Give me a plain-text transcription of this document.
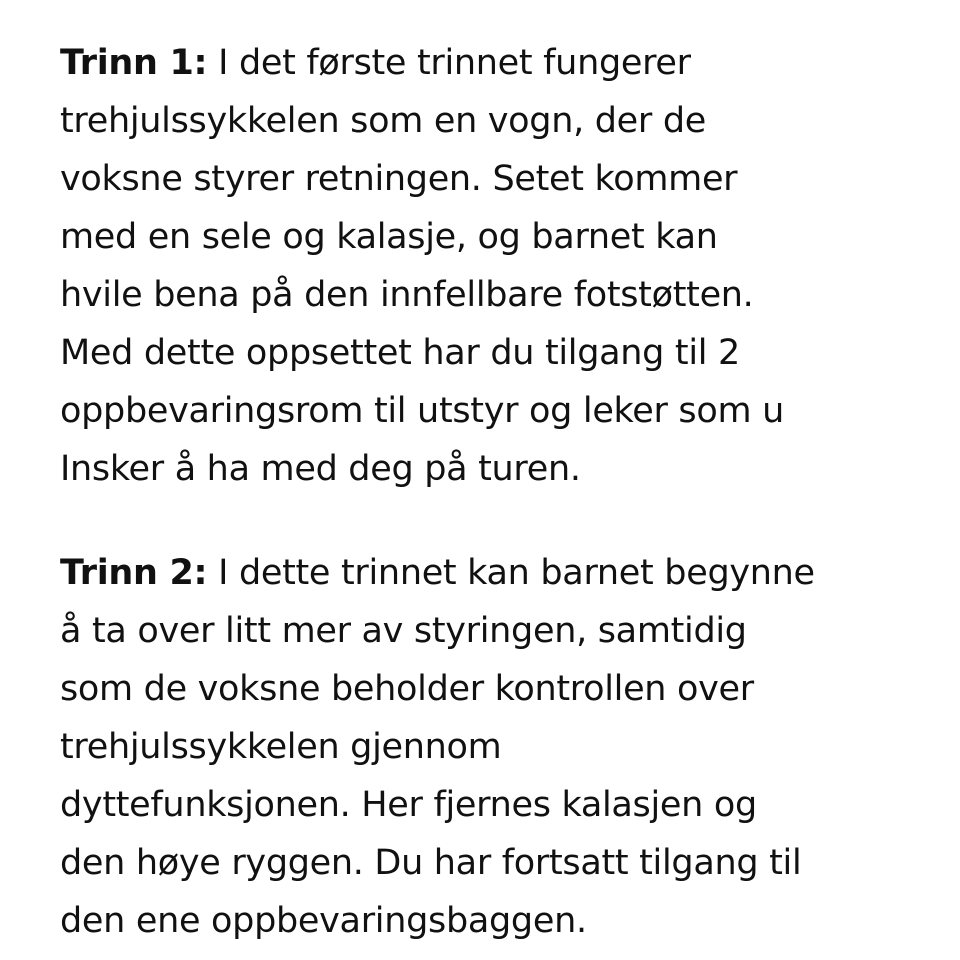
Trinn 1: I det første trinnet fungerer
trehjulssykkelen som en vogn, der de
voksne styrer retningen. Setet kommer
med en sele og kalasje, og barnet kan
hvile bena på den innfellbare fotstøtten.
Med dette oppsettet har du tilgang til 2
oppbevaringsrom til utstyr og leker som u
Insker å ha med deg på turen.
Trinn 2: I dette trinnet kan barnet begynne
å ta over litt mer av styringen, samtidig
som de voksne beholder kontrollen over
trehjulssykkelen gjennom
dyttefunksjonen. Her fjernes kalasjen og
den høye ryggen. Du har fortsatt tilgang til
den ene oppbevaringsbaggen.
